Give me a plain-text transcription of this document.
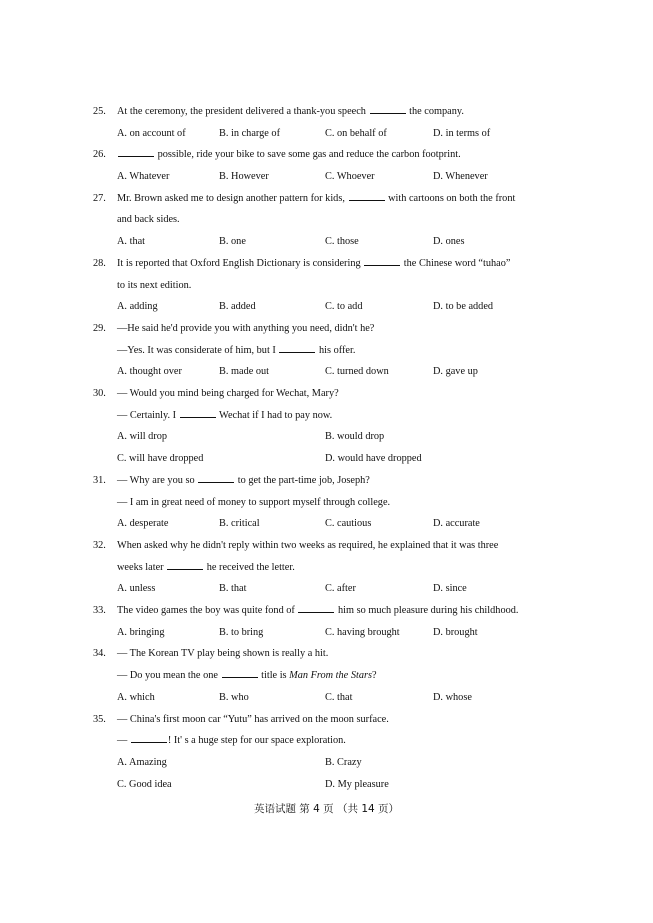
25. At the ceremony, the president delivered a thank-you speech	the company.
A. on account of	B. in charge of	C. on behalf of	D. in terms of
26.	possible, ride your bike to save some gas and reduce the carbon footprint.
A. Whatever	B. However	C. Whoever	D. Whenever
27. Mr. Brown asked me to design another pattern for kids,	with cartoons on both the front
and back sides.
A. that	B. one	C. those	D. ones
28. It is reported that Oxford English Dictionary is considering	the Chinese word “tuhao”
to its next edition.
A. adding	B. added	C. to add	D. to be added
29. —He said he'd provide you with anything you need, didn't he?
—Yes. It was considerate of him, but I	his offer.
A. thought over	B. made out	C. turned down	D. gave up
30. — Would you mind being charged for Wechat, Mary?
— Certainly. I	Wechat if I had to pay now.
A. will drop	B. would drop
C. will have dropped	D. would have dropped
31. — Why are you so	to get the part-time job, Joseph?
— I am in great need of money to support myself through college.
A. desperate	B. critical	C. cautious	D. accurate
32. When asked why he didn't reply within two weeks as required, he explained that it was three
weeks later	he received the letter.
A. unless	B. that	C. after	D. since
33. The video games the boy was quite fond of	him so much pleasure during his childhood.
A. bringing	B. to bring	C. having brought	D. brought
34. — The Korean TV play being shown is really a hit.
— Do you mean the one	title is Man From the Stars?
A. which	B. who	C. that	D. whose
35. — China's first moon car “Yutu” has arrived on the moon surface.
—	! It' s a huge step for our space exploration.
A. Amazing	B. Crazy
C. Good idea	D. My pleasure
英语试题 第 4 页 （共 14 页）
